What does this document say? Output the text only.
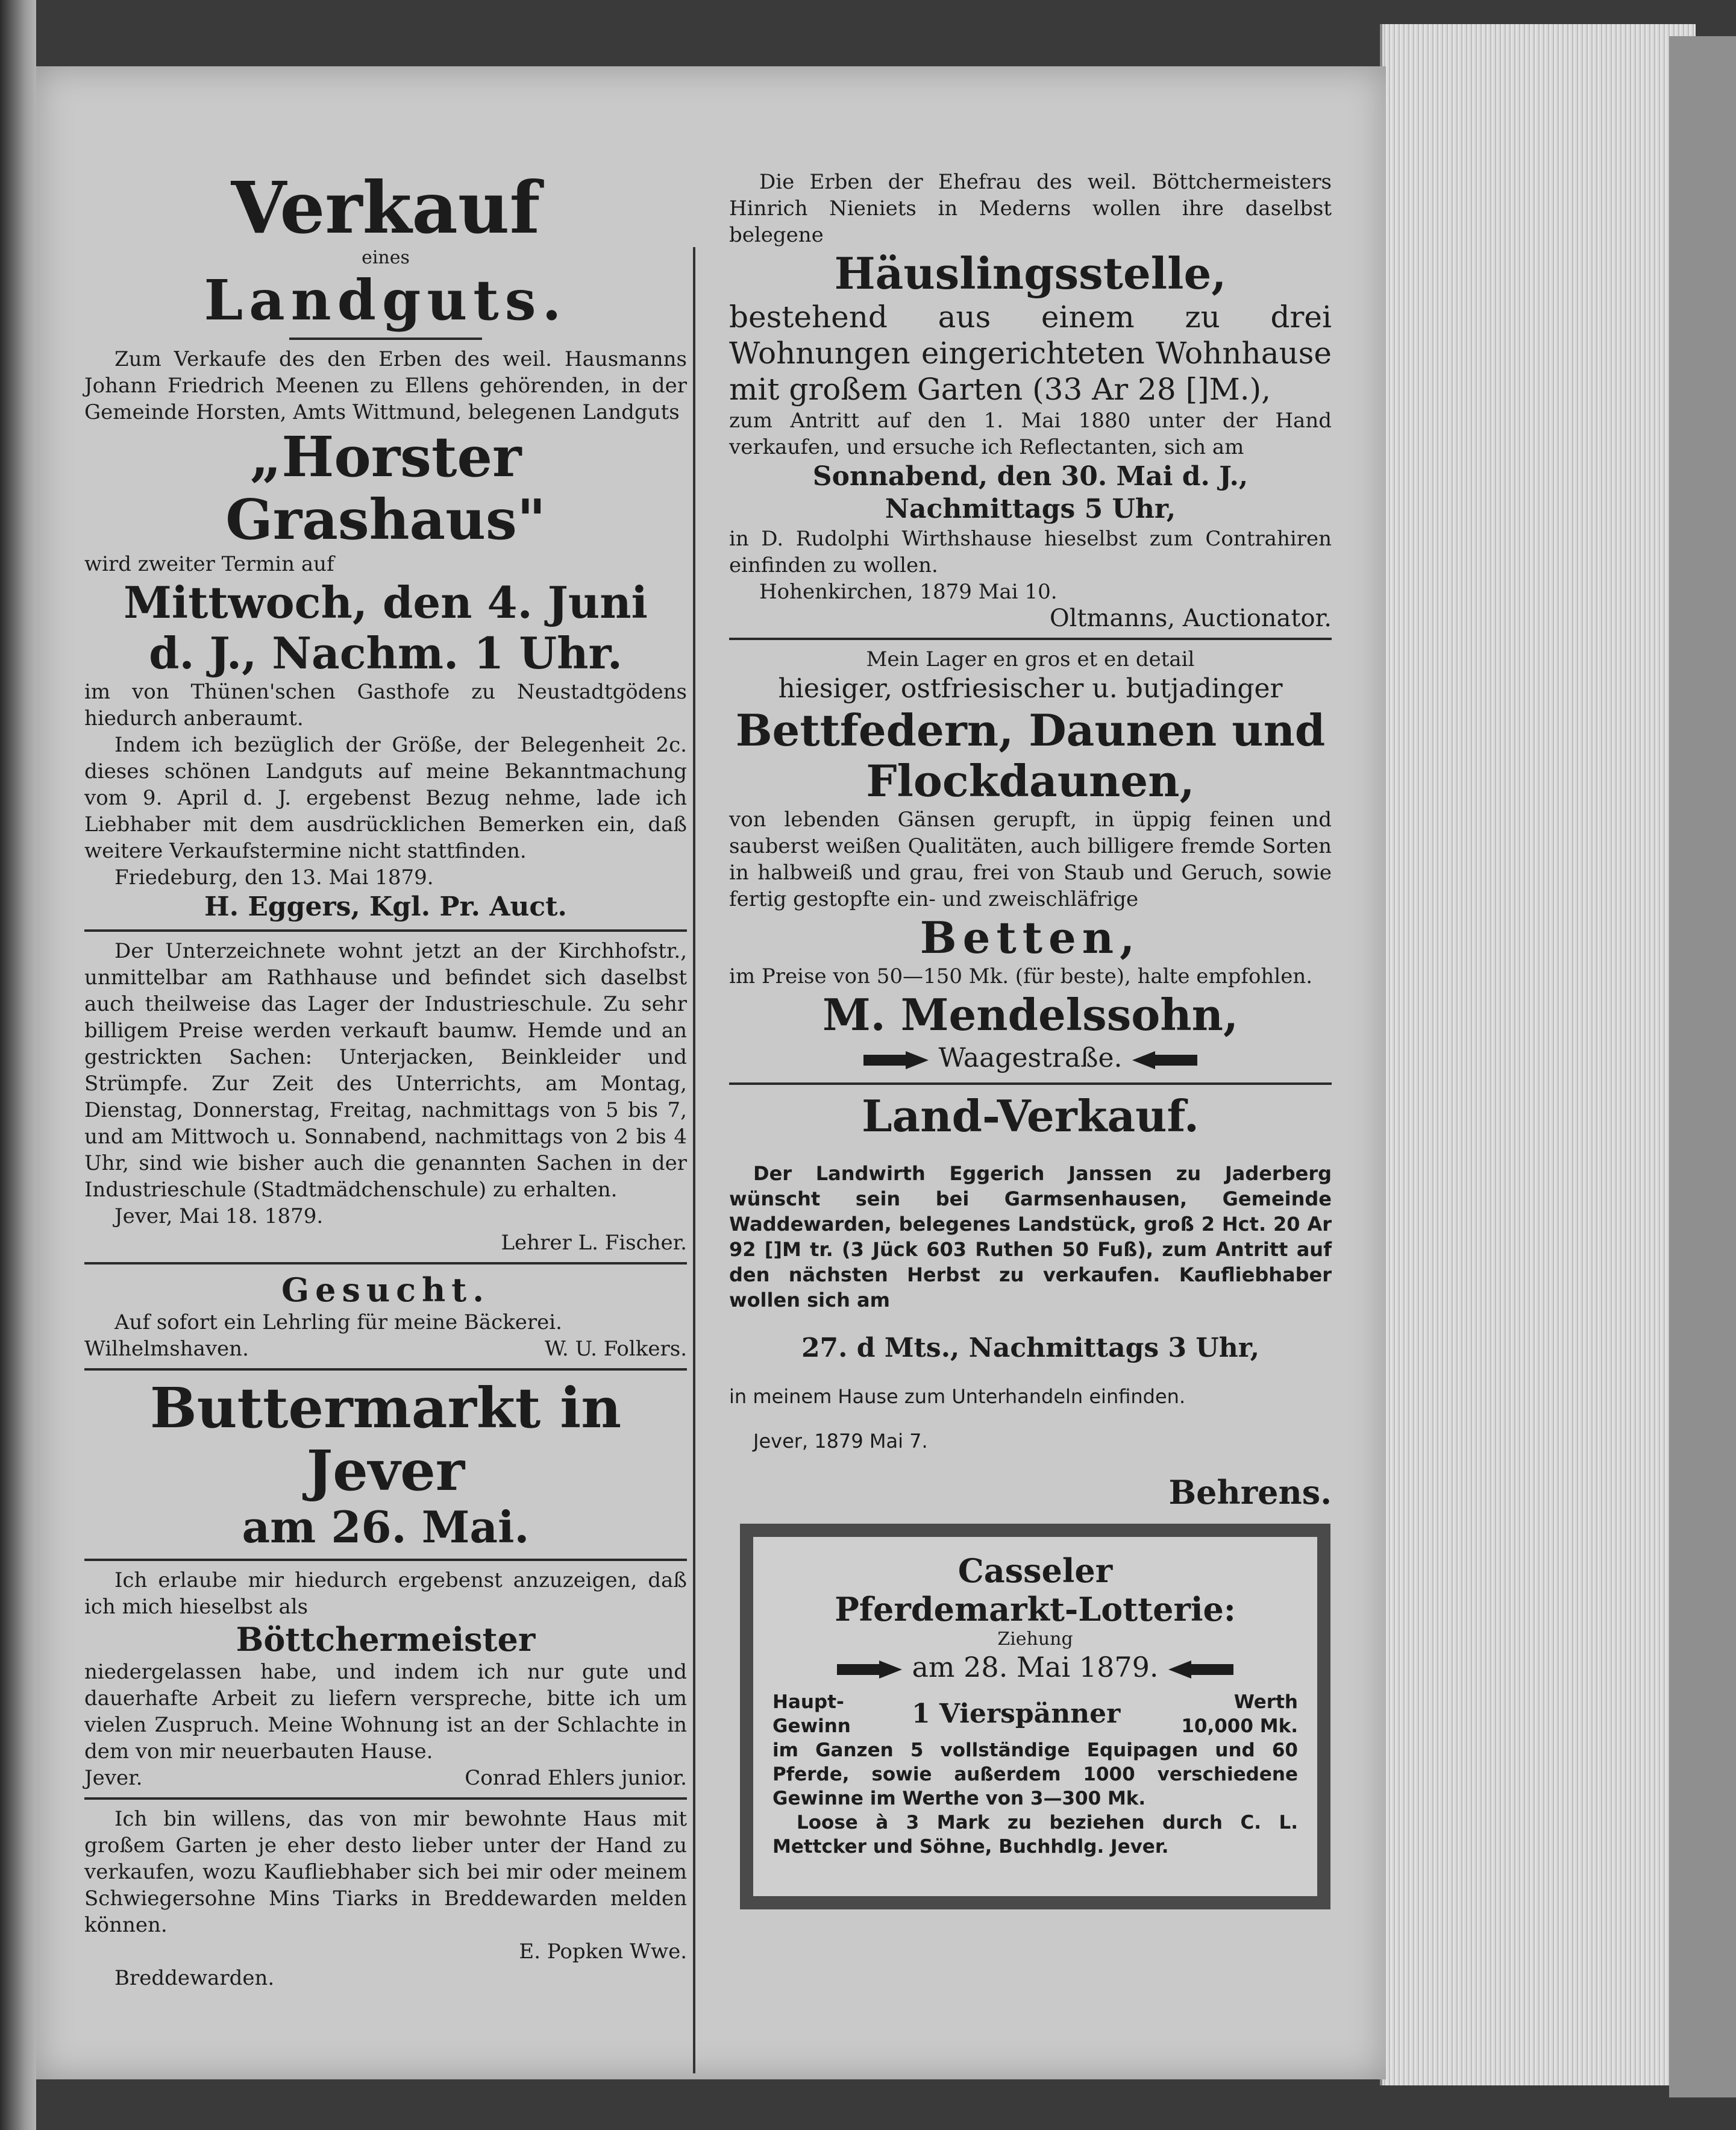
Verkauf
eines
Landguts.

Zum Verkaufe des den Erben des weil. Hausmanns Johann Friedrich Meenen zu Ellens gehörenden, in der Gemeinde Horsten, Amts Wittmund, belegenen Landguts

„Horster Grashaus"

wird zweiter Termin auf

Mittwoch, den 4. Juni
d. J., Nachm. 1 Uhr.

im von Thünen'schen Gasthofe zu Neustadtgödens hiedurch anberaumt.

Indem ich bezüglich der Größe, der Belegenheit 2c. dieses schönen Landguts auf meine Bekanntmachung vom 9. April d. J. ergebenst Bezug nehme, lade ich Liebhaber mit dem ausdrücklichen Bemerken ein, daß weitere Verkaufstermine nicht stattfinden.

Friedeburg, den 13. Mai 1879.

H. Eggers, Kgl. Pr. Auct.

Der Unterzeichnete wohnt jetzt an der Kirchhofstr., unmittelbar am Rathhause und befindet sich daselbst auch theilweise das Lager der Industrieschule. Zu sehr billigem Preise werden verkauft baumw. Hemde und an gestrickten Sachen: Unterjacken, Beinkleider und Strümpfe. Zur Zeit des Unterrichts, am Montag, Dienstag, Donnerstag, Freitag, nachmittags von 5 bis 7, und am Mittwoch u. Sonnabend, nachmittags von 2 bis 4 Uhr, sind wie bisher auch die genannten Sachen in der Industrieschule (Stadtmädchenschule) zu erhalten.

Jever, Mai 18. 1879.

Lehrer L. Fischer.

Gesucht.

Auf sofort ein Lehrling für meine Bäckerei.

Wilhelmshaven.	W. U. Folkers.
Buttermarkt in Jever
am 26. Mai.

Ich erlaube mir hiedurch ergebenst anzuzeigen, daß ich mich hieselbst als

Böttchermeister

niedergelassen habe, und indem ich nur gute und dauerhafte Arbeit zu liefern verspreche, bitte ich um vielen Zuspruch. Meine Wohnung ist an der Schlachte in dem von mir neuerbauten Hause.

Jever.	Conrad Ehlers junior.

Ich bin willens, das von mir bewohnte Haus mit großem Garten je eher desto lieber unter der Hand zu verkaufen, wozu Kaufliebhaber sich bei mir oder meinem Schwiegersohne Mins Tiarks in Breddewarden melden können.

E. Popken Wwe.

Breddewarden.

Die Erben der Ehefrau des weil. Böttchermeisters Hinrich Nieniets in Mederns wollen ihre daselbst belegene

Häuslingsstelle,

bestehend aus einem zu drei Wohnungen eingerichteten Wohnhause mit großem Garten (33 Ar 28 []M.),

zum Antritt auf den 1. Mai 1880 unter der Hand verkaufen, und ersuche ich Reflectanten, sich am

Sonnabend, den 30. Mai d. J.,
Nachmittags 5 Uhr,

in D. Rudolphi Wirthshause hieselbst zum Contrahiren einfinden zu wollen.

Hohenkirchen, 1879 Mai 10.

Oltmanns, Auctionator.

Mein Lager en gros et en detail

hiesiger, ostfriesischer u. butjadinger
Bettfedern, Daunen und
Flockdaunen,

von lebenden Gänsen gerupft, in üppig feinen und sauberst weißen Qualitäten, auch billigere fremde Sorten in halbweiß und grau, frei von Staub und Geruch, sowie fertig gestopfte ein- und zweischläfrige

Betten,

im Preise von 50—150 Mk. (für beste), halte empfohlen.

M. Mendelssohn,
Waagestraße.
Land-Verkauf.

Der Landwirth Eggerich Janssen zu Jaderberg wünscht sein bei Garmsenhausen, Gemeinde Waddewarden, belegenes Landstück, groß 2 Hct. 20 Ar 92 []M tr. (3 Jück 603 Ruthen 50 Fuß), zum Antritt auf den nächsten Herbst zu verkaufen. Kaufliebhaber wollen sich am

27. d Mts., Nachmittags 3 Uhr,

in meinem Hause zum Unterhandeln einfinden.

Jever, 1879 Mai 7.

Behrens.
Casseler
Pferdemarkt-Lotterie:
Ziehung
am 28. Mai 1879.
Haupt-Gewinn 1 Vierspänner	Werth
10,000 Mk.

im Ganzen 5 vollständige Equipagen und 60 Pferde, sowie außerdem 1000 verschiedene Gewinne im Werthe von 3—300 Mk.

Loose à 3 Mark zu beziehen durch C. L. Mettcker und Söhne, Buchhdlg. Jever.
